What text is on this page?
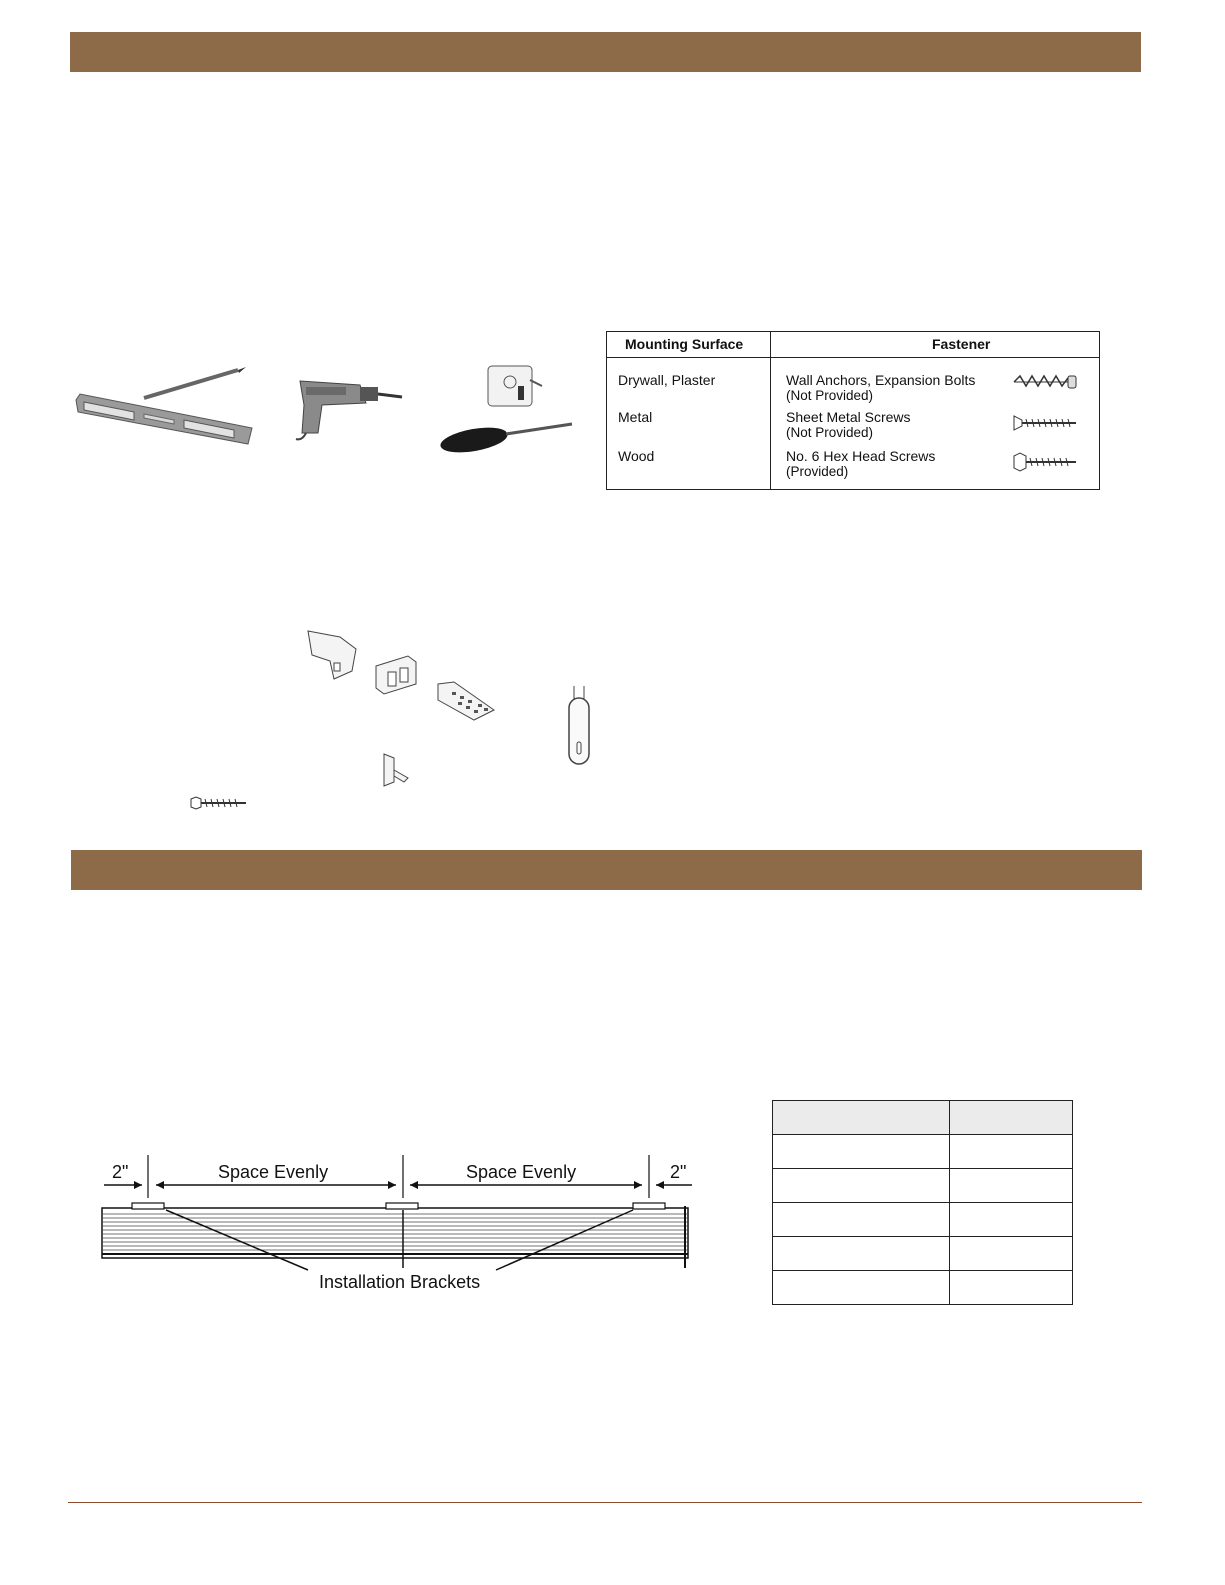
Mounting Surface	Fastener
Drywall, Plaster	Wall Anchors, Expansion Bolts
(Not Provided)
Metal	Sheet Metal Screws
(Not Provided)
Wood	No. 6 Hex Head Screws
(Provided)
2"	Space Evenly	Space Evenly	2"
Installation Brackets
